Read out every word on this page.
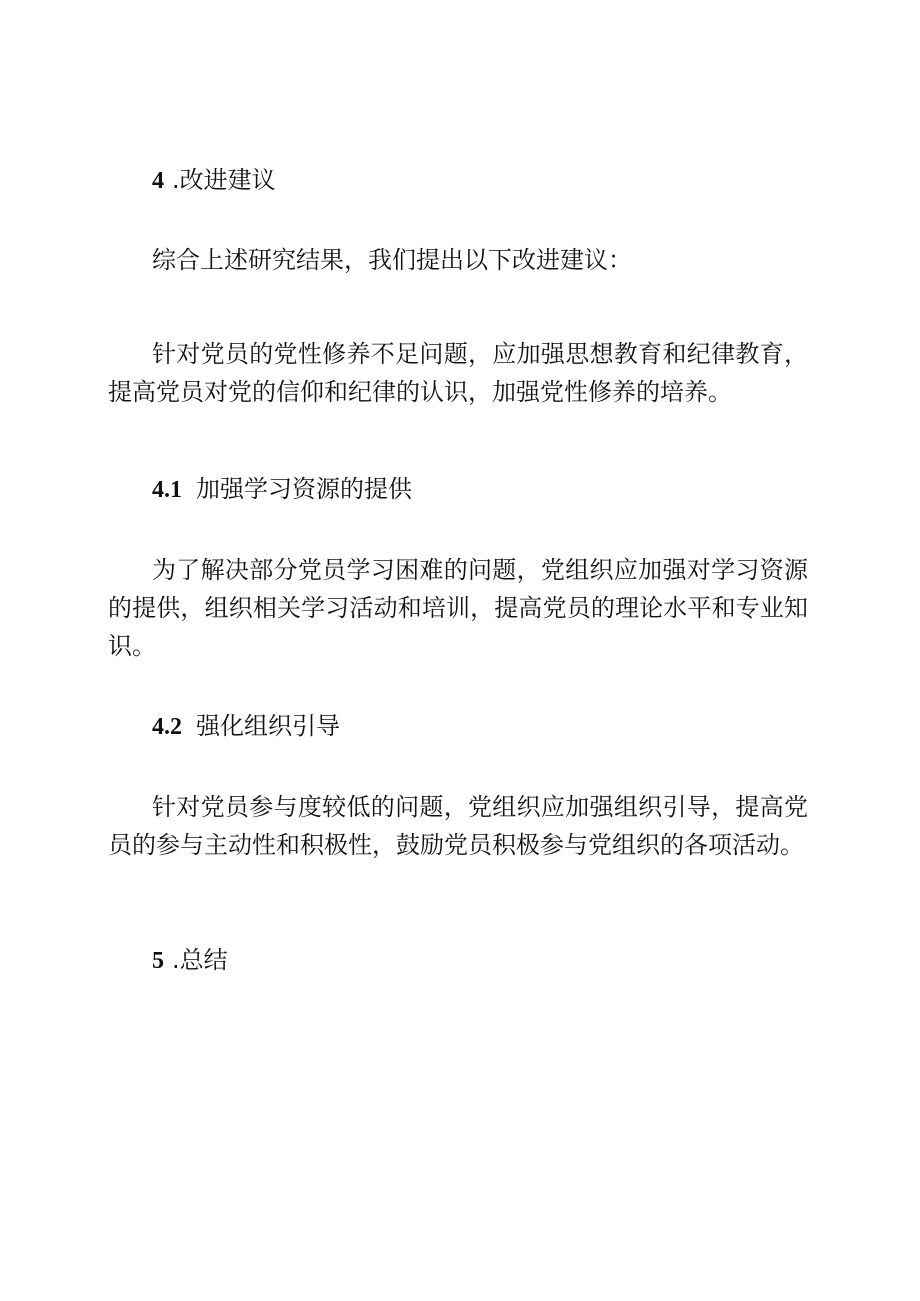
4 .改进建议
综合上述研究结果，我们提出以下改进建议：
针对党员的党性修养不足问题，应加强思想教育和纪律教育，提高党员对党的信仰和纪律的认识，加强党性修养的培养。
4.1 加强学习资源的提供
为了解决部分党员学习困难的问题，党组织应加强对学习资源的提供，组织相关学习活动和培训，提高党员的理论水平和专业知识。
4.2 强化组织引导
针对党员参与度较低的问题，党组织应加强组织引导，提高党员的参与主动性和积极性，鼓励党员积极参与党组织的各项活动。
5 .总结
